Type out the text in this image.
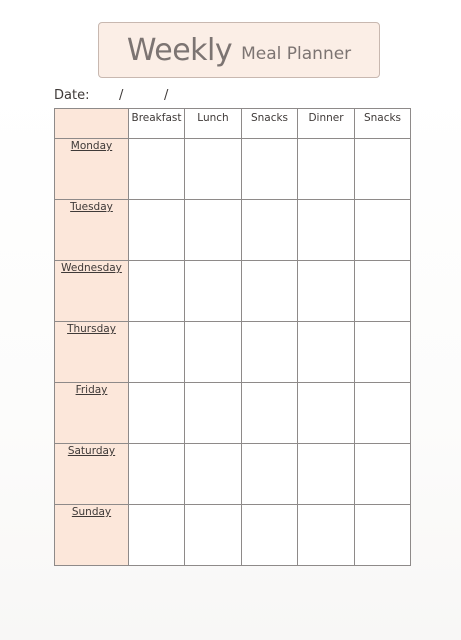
Weekly Meal Planner
Date: /	/
	Breakfast	Lunch	Snacks	Dinner	Snacks
Monday					
Tuesday					
Wednesday					
Thursday					
Friday					
Saturday					
Sunday					
